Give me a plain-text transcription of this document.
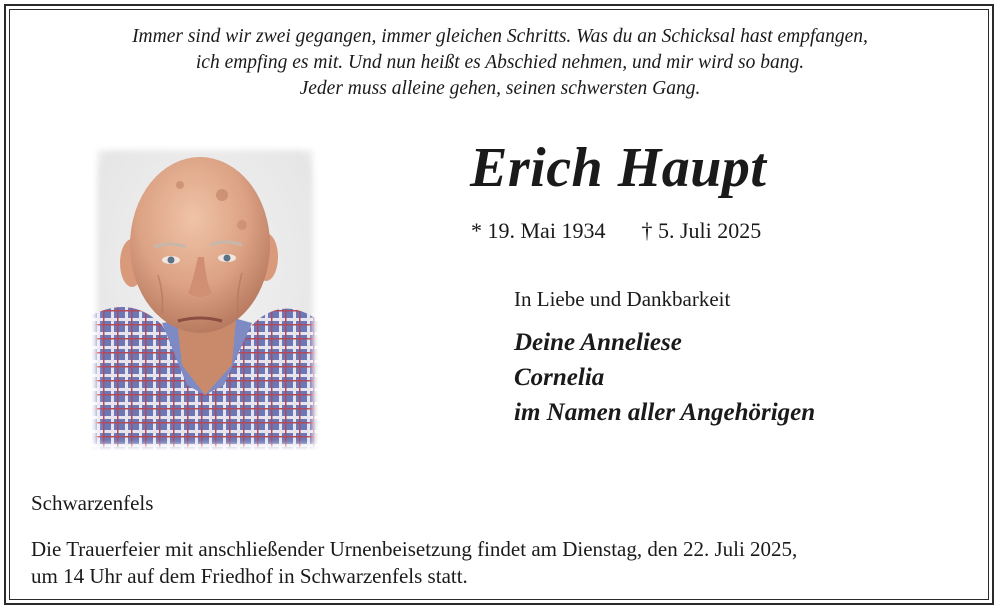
Immer sind wir zwei gegangen, immer gleichen Schritts. Was du an Schicksal hast empfangen,
ich empfing es mit. Und nun heißt es Abschied nehmen, und mir wird so bang.
Jeder muss alleine gehen, seinen schwersten Gang.
Erich Haupt
* 19. Mai 1934 † 5. Juli 2025
In Liebe und Dankbarkeit
Deine Anneliese
Cornelia
im Namen aller Angehörigen
Schwarzenfels
Die Trauerfeier mit anschließender Urnenbeisetzung findet am Dienstag, den 22. Juli 2025,
um 14 Uhr auf dem Friedhof in Schwarzenfels statt.
